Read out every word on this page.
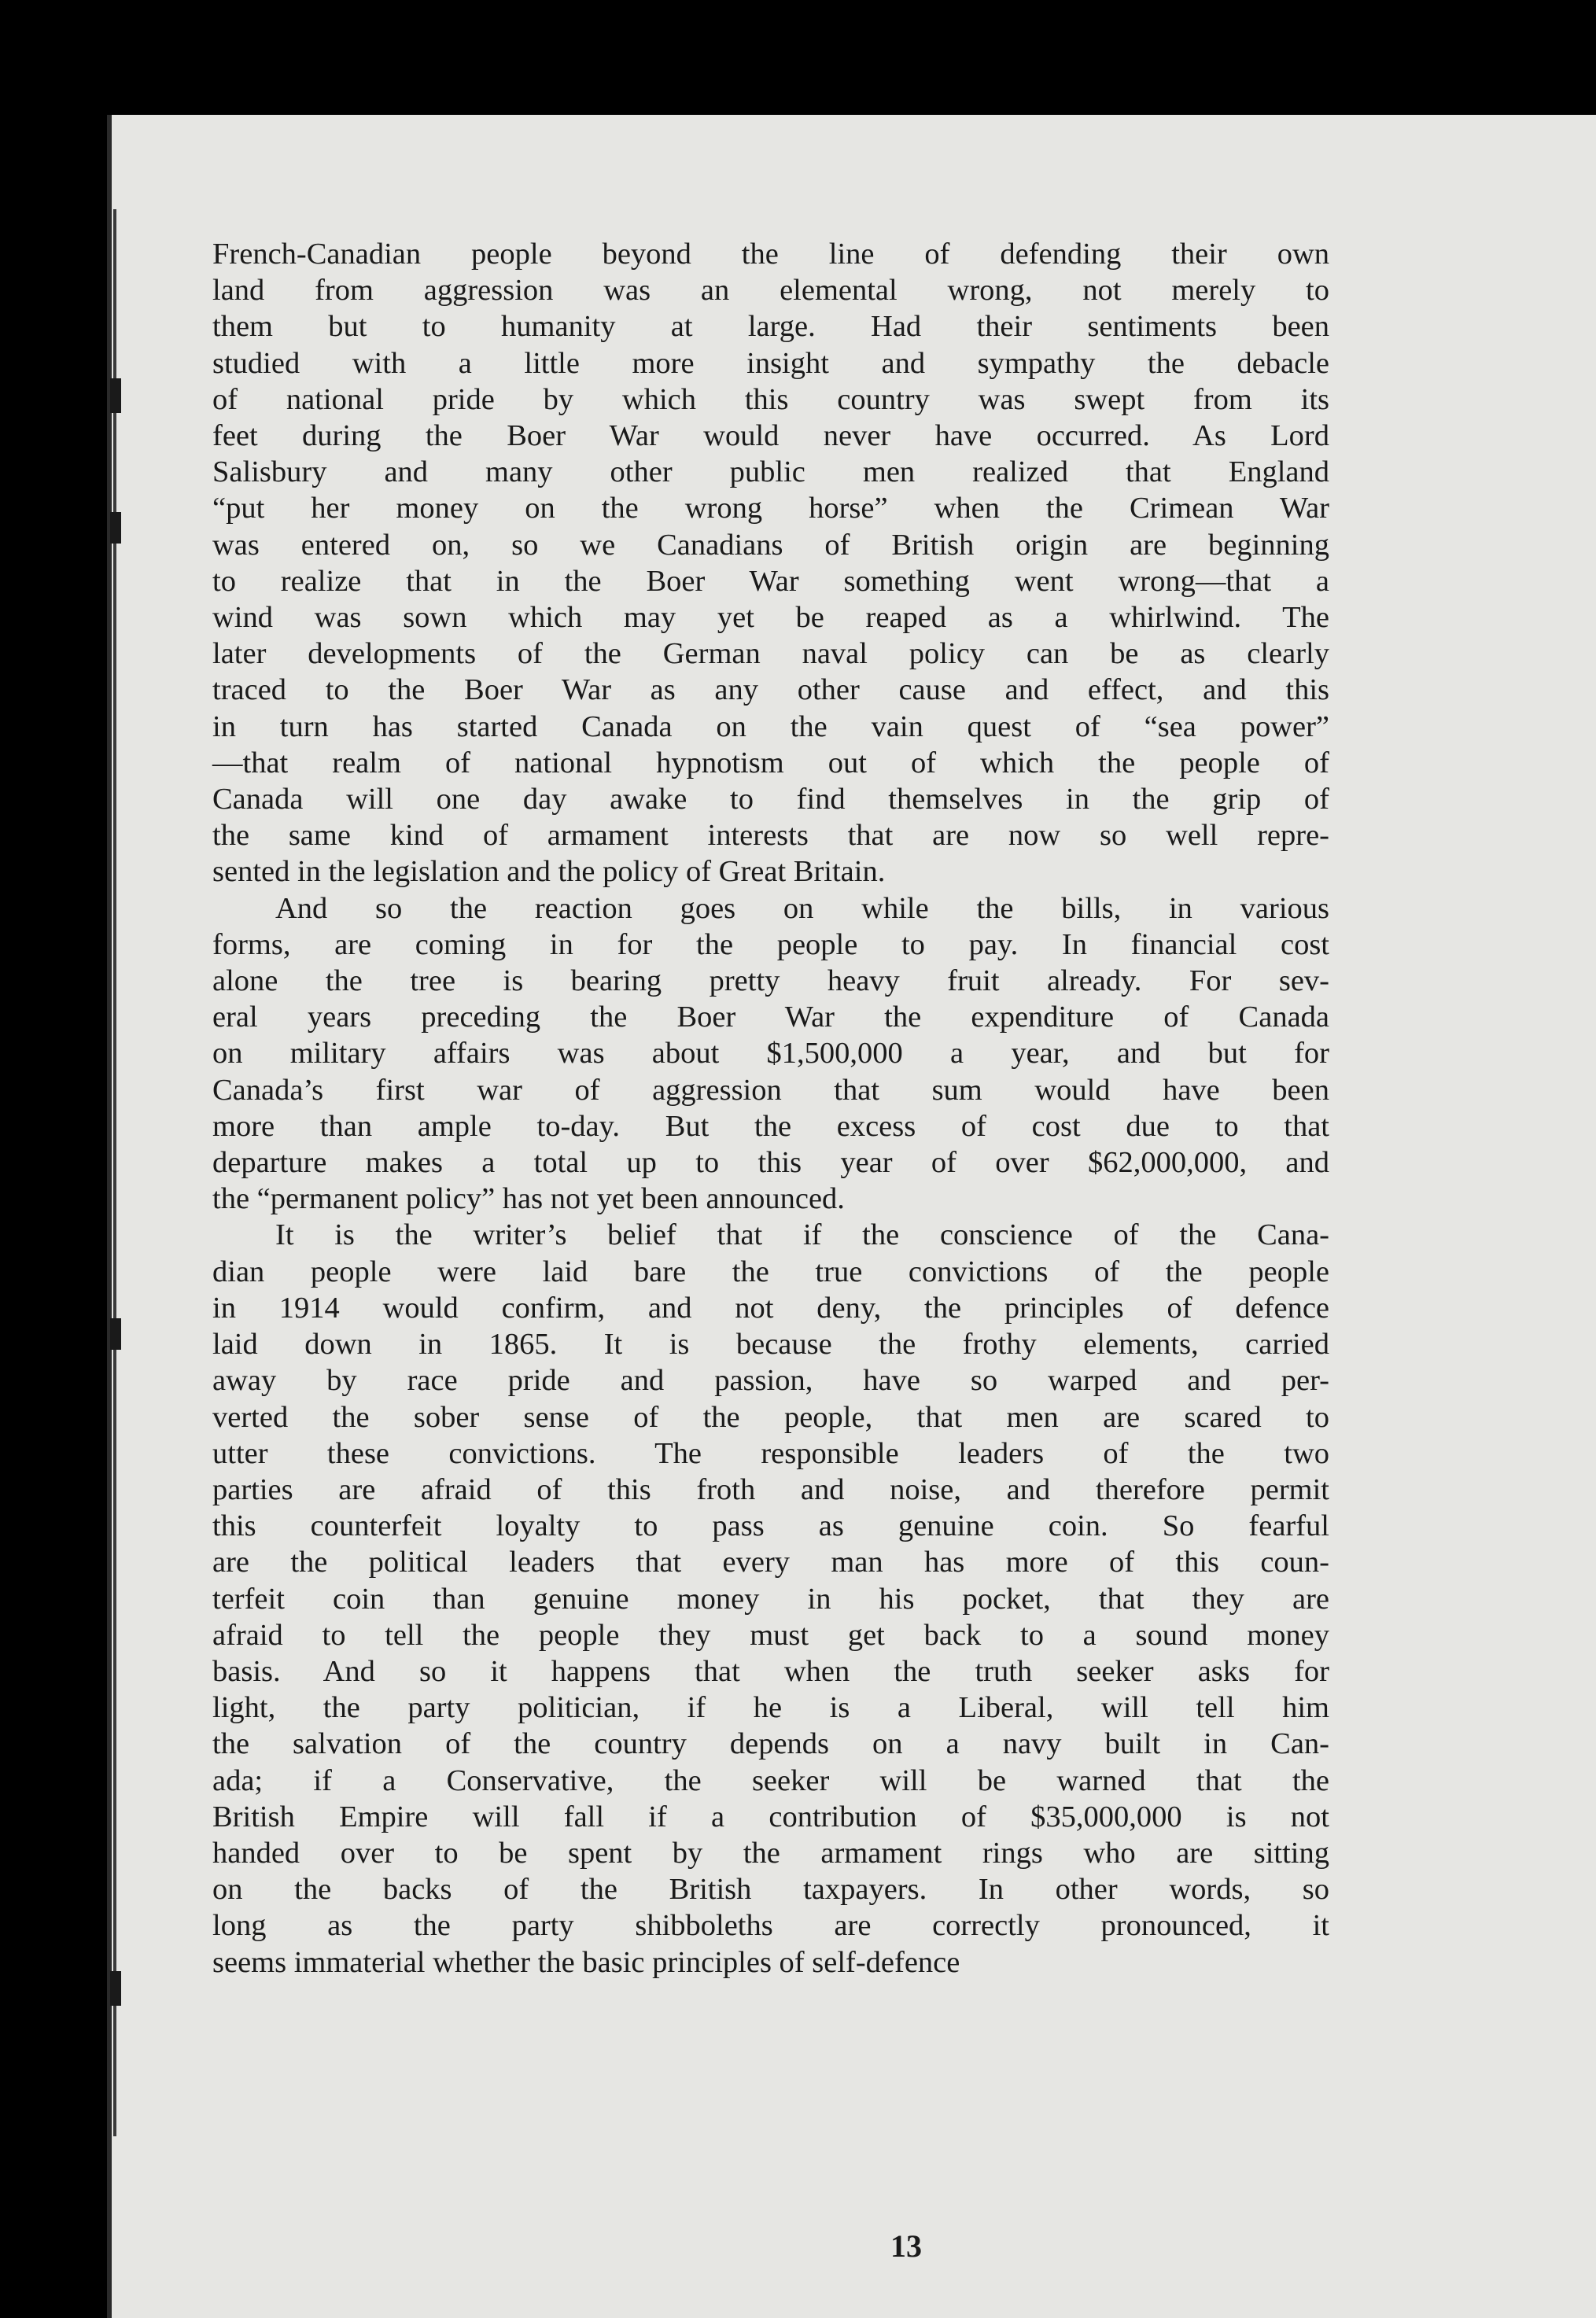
13

French-Canadian people beyond the line of defending their own
land from aggression was an elemental wrong, not merely to
them but to humanity at large. Had their sentiments been
studied with a little more insight and sympathy the debacle
of national pride by which this country was swept from its
feet during the Boer War would never have occurred. As Lord
Salisbury and many other public men realized that England
“put her money on the wrong horse” when the Crimean War
was entered on, so we Canadians of British origin are beginning
to realize that in the Boer War something went wrong—that a
wind was sown which may yet be reaped as a whirlwind. The
later developments of the German naval policy can be as clearly
traced to the Boer War as any other cause and effect, and this
in turn has started Canada on the vain quest of “sea power”
—that realm of national hypnotism out of which the people of
Canada will one day awake to find themselves in the grip of
the same kind of armament interests that are now so well repre-
sented in the legislation and the policy of Great Britain.

And so the reaction goes on while the bills, in various
forms, are coming in for the people to pay. In financial cost
alone the tree is bearing pretty heavy fruit already. For sev-
eral years preceding the Boer War the expenditure of Canada
on military affairs was about $1,500,000 a year, and but for
Canada’s first war of aggression that sum would have been
more than ample to-day. But the excess of cost due to that
departure makes a total up to this year of over $62,000,000, and
the “permanent policy” has not yet been announced.

It is the writer’s belief that if the conscience of the Cana-
dian people were laid bare the true convictions of the people
in 1914 would confirm, and not deny, the principles of defence
laid down in 1865. It is because the frothy elements, carried
away by race pride and passion, have so warped and per-
verted the sober sense of the people, that men are scared to
utter these convictions. The responsible leaders of the two
parties are afraid of this froth and noise, and therefore permit
this counterfeit loyalty to pass as genuine coin. So fearful
are the political leaders that every man has more of this coun-
terfeit coin than genuine money in his pocket, that they are
afraid to tell the people they must get back to a sound money
basis. And so it happens that when the truth seeker asks for
light, the party politician, if he is a Liberal, will tell him
the salvation of the country depends on a navy built in Can-
ada; if a Conservative, the seeker will be warned that the
British Empire will fall if a contribution of $35,000,000 is not
handed over to be spent by the armament rings who are sitting
on the backs of the British taxpayers. In other words, so
long as the party shibboleths are correctly pronounced, it
seems immaterial whether the basic principles of self-defence
